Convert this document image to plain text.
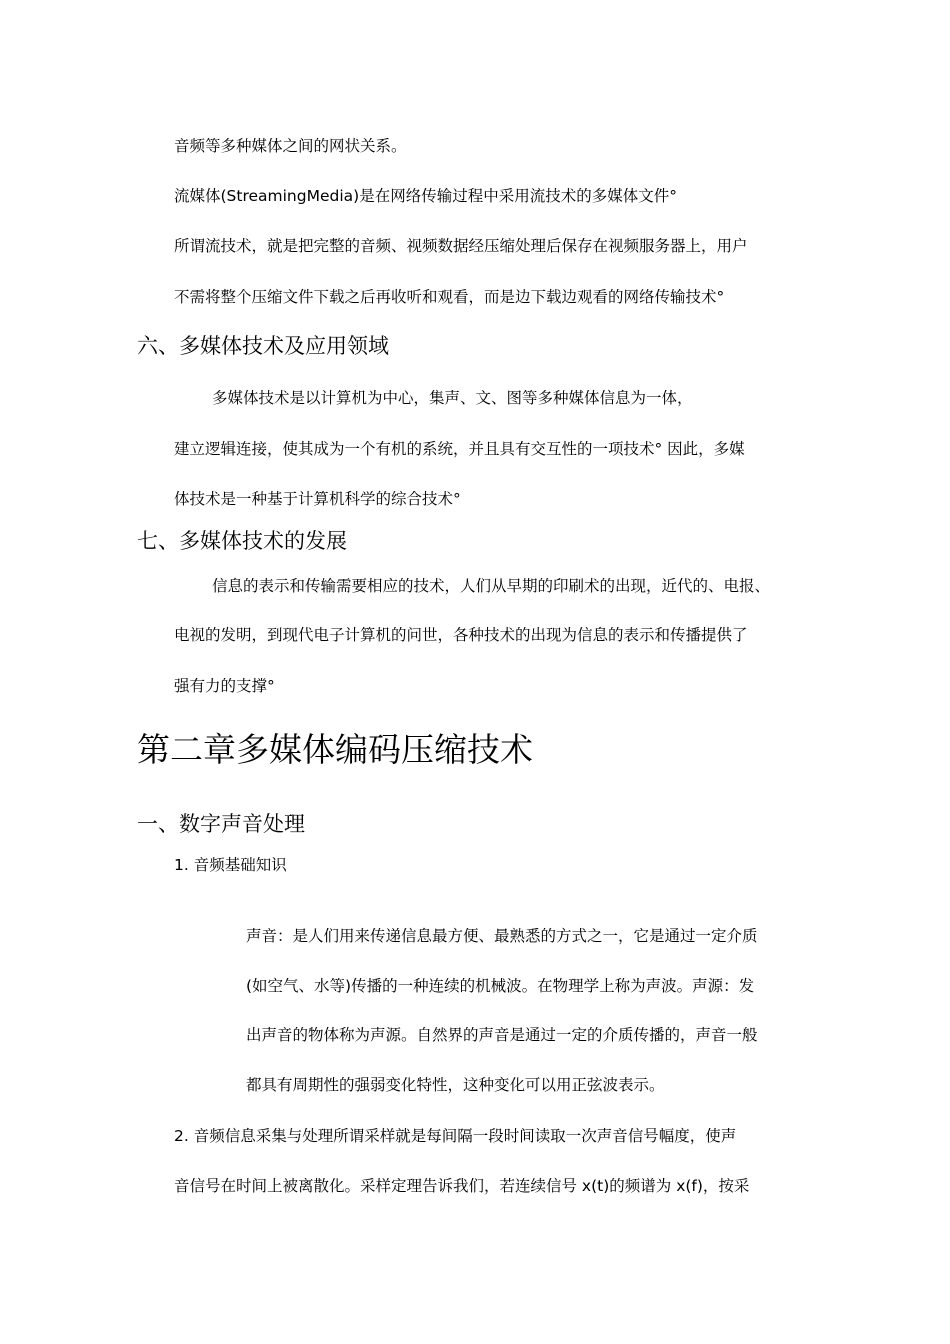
音频等多种媒体之间的网状关系。
流媒体(StreamingMedia)是在网络传输过程中采用流技术的多媒体文件°
所谓流技术，就是把完整的音频、视频数据经压缩处理后保存在视频服务器上，用户
不需将整个压缩文件下载之后再收听和观看，而是边下载边观看的网络传输技术°
六、多媒体技术及应用领域
多媒体技术是以计算机为中心，集声、文、图等多种媒体信息为一体，
建立逻辑连接，使其成为一个有机的系统，并且具有交互性的一项技术° 因此，多媒
体技术是一种基于计算机科学的综合技术°
七、多媒体技术的发展
信息的表示和传输需要相应的技术，人们从早期的印刷术的出现，近代的、电报、
电视的发明，到现代电子计算机的问世，各种技术的出现为信息的表示和传播提供了
强有力的支撑°
第二章多媒体编码压缩技术
一、数字声音处理
1. 音频基础知识
声音：是人们用来传递信息最方便、最熟悉的方式之一，它是通过一定介质
(如空气、水等)传播的一种连续的机械波。在物理学上称为声波。声源：发
出声音的物体称为声源。自然界的声音是通过一定的介质传播的，声音一般
都具有周期性的强弱变化特性，这种变化可以用正弦波表示。
2. 音频信息采集与处理所谓采样就是每间隔一段时间读取一次声音信号幅度，使声
音信号在时间上被离散化。采样定理告诉我们，若连续信号 x(t)的频谱为 x(f)，按采
